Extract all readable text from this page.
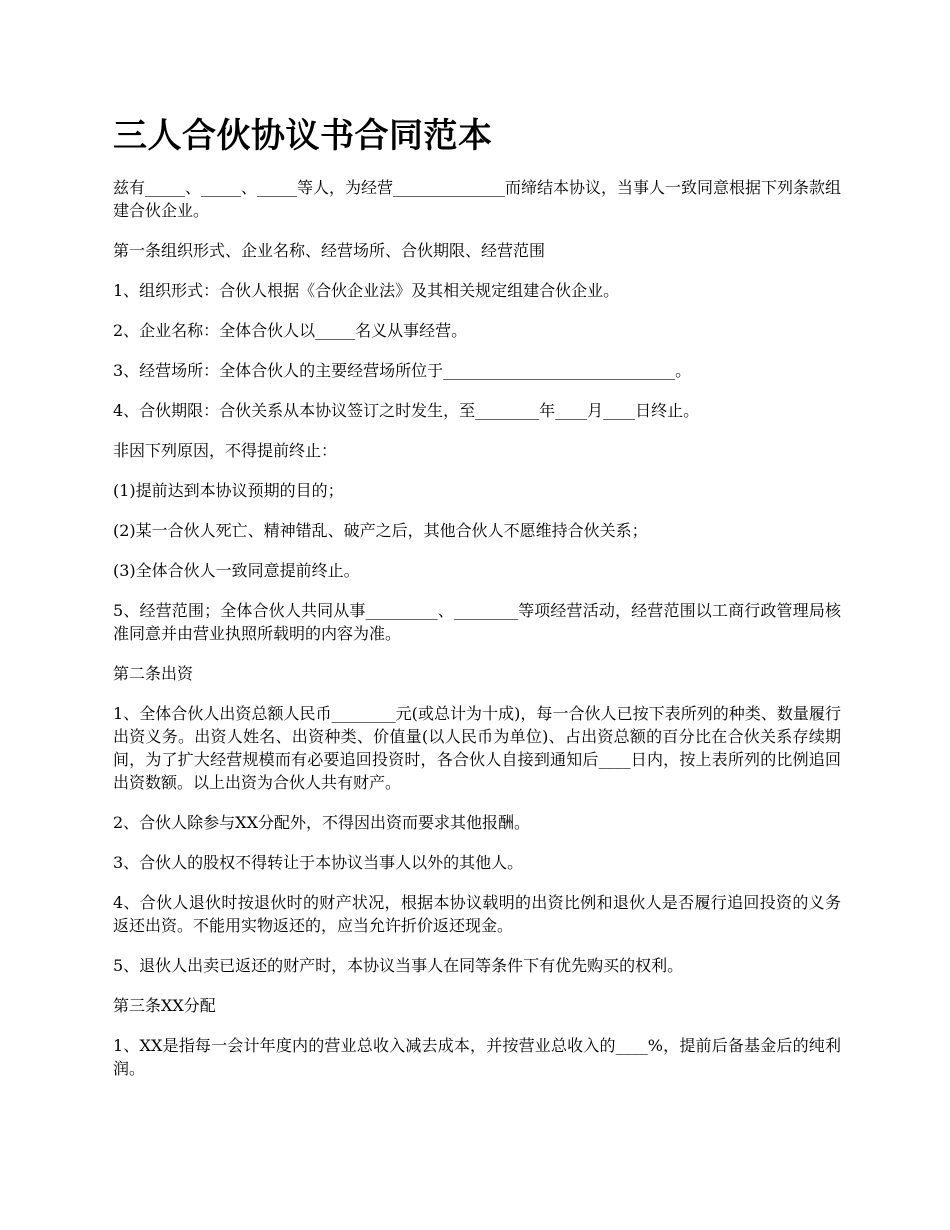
三人合伙协议书合同范本

兹有_____、_____、_____等人，为经营______________而缔结本协议，当事人一致同意根据下列条款组建合伙企业。

第一条组织形式、企业名称、经营场所、合伙期限、经营范围

1、组织形式：合伙人根据《合伙企业法》及其相关规定组建合伙企业。

2、企业名称：全体合伙人以_____名义从事经营。

3、经营场所：全体合伙人的主要经营场所位于_____________________________。

4、合伙期限：合伙关系从本协议签订之时发生，至________年____月____日终止。

非因下列原因，不得提前终止：

(1)提前达到本协议预期的目的；

(2)某一合伙人死亡、精神错乱、破产之后，其他合伙人不愿维持合伙关系；

(3)全体合伙人一致同意提前终止。

5、经营范围；全体合伙人共同从事_________、________等项经营活动，经营范围以工商行政管理局核准同意并由营业执照所载明的内容为准。

第二条出资

1、全体合伙人出资总额人民币________元(或总计为十成)，每一合伙人已按下表所列的种类、数量履行出资义务。出资人姓名、出资种类、价值量(以人民币为单位)、占出资总额的百分比在合伙关系存续期间，为了扩大经营规模而有必要追回投资时，各合伙人自接到通知后____日内，按上表所列的比例追回出资数额。以上出资为合伙人共有财产。

2、合伙人除参与XX分配外，不得因出资而要求其他报酬。

3、合伙人的股权不得转让于本协议当事人以外的其他人。

4、合伙人退伙时按退伙时的财产状况，根据本协议载明的出资比例和退伙人是否履行追回投资的义务返还出资。不能用实物返还的，应当允许折价返还现金。

5、退伙人出卖已返还的财产时，本协议当事人在同等条件下有优先购买的权利。

第三条XX分配

1、XX是指每一会计年度内的营业总收入减去成本，并按营业总收入的____%，提前后备基金后的纯利润。
